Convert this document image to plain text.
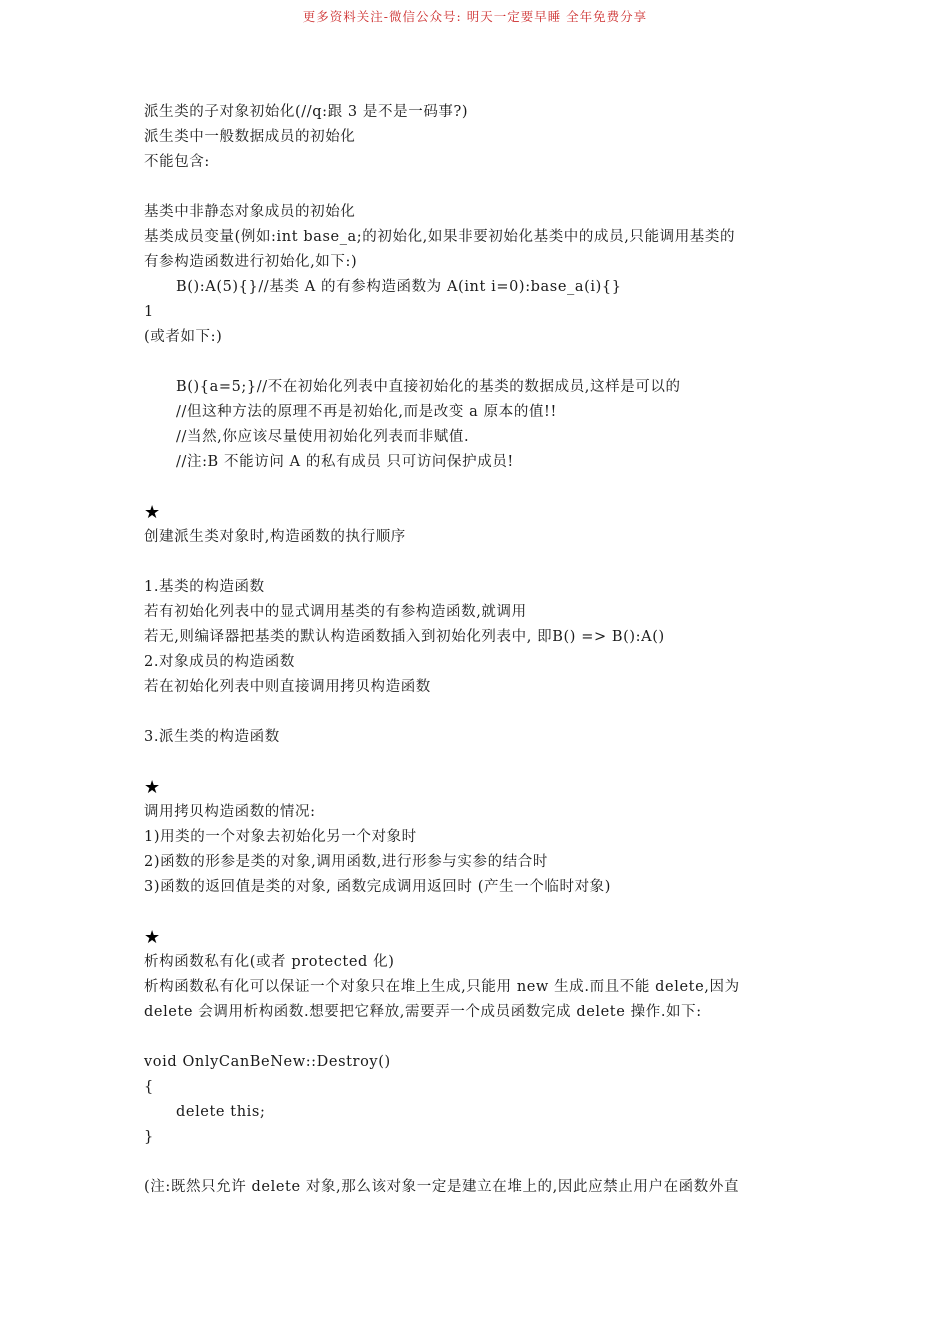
更多资料关注-微信公众号: 明天一定要早睡 全年免费分享
派生类的子对象初始化(//q:跟 3 是不是一码事?)
派生类中一般数据成员的初始化
不能包含:
基类中非静态对象成员的初始化
基类成员变量(例如:int base_a;的初始化,如果非要初始化基类中的成员,只能调用基类的
有参构造函数进行初始化,如下:)
B():A(5){}//基类 A 的有参构造函数为 A(int i=0):base_a(i){}
1
(或者如下:)
B(){a=5;}//不在初始化列表中直接初始化的基类的数据成员,这样是可以的
//但这种方法的原理不再是初始化,而是改变 a 原本的值!!
//当然,你应该尽量使用初始化列表而非赋值.
//注:B 不能访问 A 的私有成员 只可访问保护成员!
★
创建派生类对象时,构造函数的执行顺序
1.基类的构造函数
若有初始化列表中的显式调用基类的有参构造函数,就调用
若无,则编译器把基类的默认构造函数插入到初始化列表中, 即B() => B():A()
2.对象成员的构造函数
若在初始化列表中则直接调用拷贝构造函数
3.派生类的构造函数
★
调用拷贝构造函数的情况:
1)用类的一个对象去初始化另一个对象时
2)函数的形参是类的对象,调用函数,进行形参与实参的结合时
3)函数的返回值是类的对象, 函数完成调用返回时 (产生一个临时对象)
★
析构函数私有化(或者 protected 化)
析构函数私有化可以保证一个对象只在堆上生成,只能用 new 生成.而且不能 delete,因为
delete 会调用析构函数.想要把它释放,需要弄一个成员函数完成 delete 操作.如下:
void OnlyCanBeNew::Destroy()
{
delete this;
}
(注:既然只允许 delete 对象,那么该对象一定是建立在堆上的,因此应禁止用户在函数外直
